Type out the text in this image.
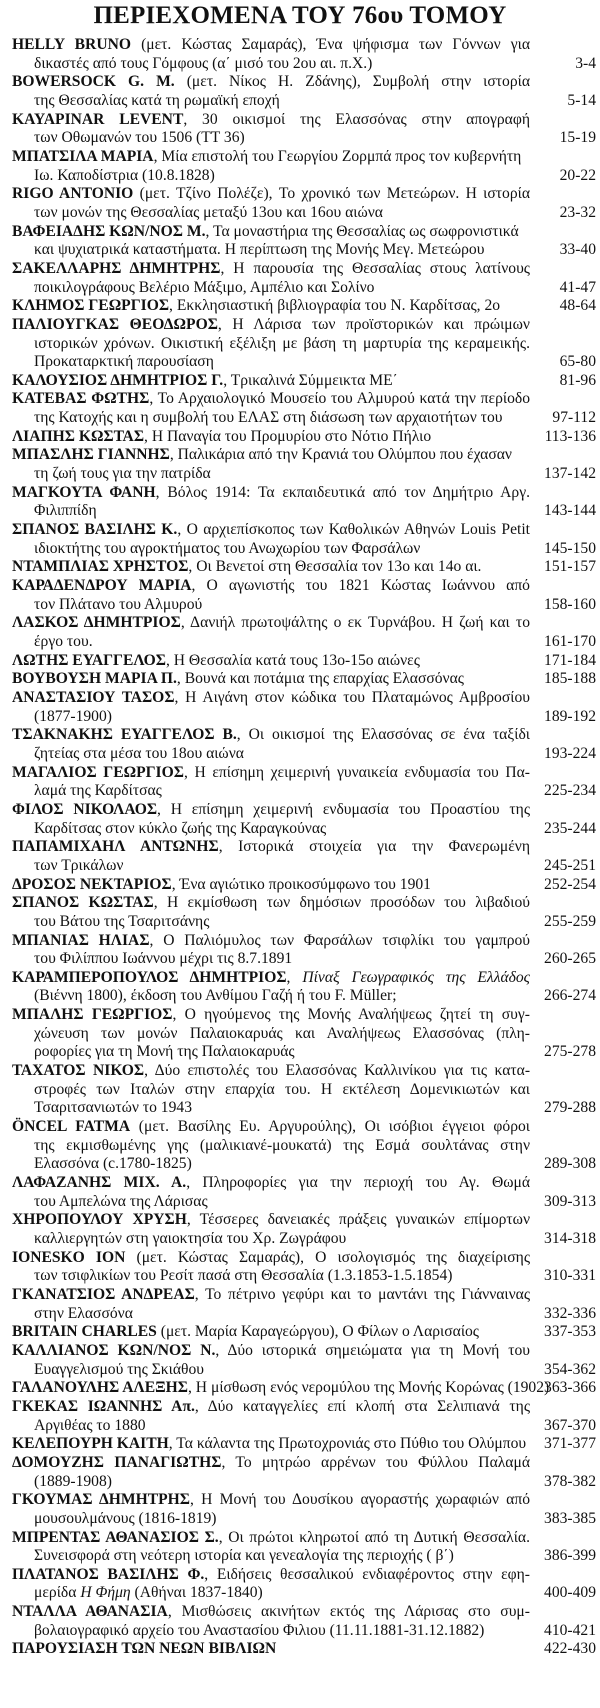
ΠΕΡΙΕΧΟΜΕΝΑ ΤΟΥ 76ου ΤΟΜΟΥ
HELLY BRUNO (μετ. Κώστας Σαμαράς), Ένα ψήφισμα των Γόννων για
δικαστές από τους Γόμφους (α΄ μισό του 2ου αι. π.Χ.)	3-4
BOWERSOCK G. M. (μετ. Νίκος Η. Ζδάνης), Συμβολή στην ιστορία
της Θεσσαλίας κατά τη ρωμαϊκή εποχή	5-14
KAYAPINAR LEVENT, 30 οικισμοί της Ελασσόνας στην απογραφή
των Οθωμανών του 1506 (TT 36)	15-19
ΜΠΑΤΣΙΛΑ ΜΑΡΙΑ, Μία επιστολή του Γεωργίου Ζορμπά προς τον κυβερνήτη
Ιω. Καποδίστρια (10.8.1828)	20-22
RIGO ANTONIO (μετ. Τζίνο Πολέζε), Το χρονικό των Μετεώρων. Η ιστορία
των μονών της Θεσσαλίας μεταξύ 13ου και 16ου αιώνα	23-32
ΒΑΦΕΙΑΔΗΣ ΚΩΝ/ΝΟΣ Μ., Τα μοναστήρια της Θεσσαλίας ως σωφρονιστικά
και ψυχιατρικά καταστήματα. Η περίπτωση της Μονής Μεγ. Μετεώρου	33-40
ΣΑΚΕΛΛΑΡΗΣ ΔΗΜΗΤΡΗΣ, Η παρουσία της Θεσσαλίας στους λατίνους
ποικιλογράφους Βελέριο Μάξιμο, Αμπέλιο και Σολίνο	41-47
ΚΛΗΜΟΣ ΓΕΩΡΓΙΟΣ, Εκκλησιαστική βιβλιογραφία του Ν. Καρδίτσας, 2ο	48-64
ΠΑΛΙΟΥΓΚΑΣ ΘΕΟΔΩΡΟΣ, Η Λάρισα των προϊστορικών και πρώιμων
ιστορικών χρόνων. Οικιστική εξέλιξη με βάση τη μαρτυρία της κεραμεικής.
Προκαταρκτική παρουσίαση	65-80
ΚΑΛΟΥΣΙΟΣ ΔΗΜΗΤΡΙΟΣ Γ., Τρικαλινά Σύμμεικτα ΜΕ΄	81-96
ΚΑΤΕΒΑΣ ΦΩΤΗΣ, Το Αρχαιολογικό Μουσείο του Αλμυρού κατά την περίοδο
της Κατοχής και η συμβολή του ΕΛΑΣ στη διάσωση των αρχαιοτήτων του	97-112
ΛΙΑΠΗΣ ΚΩΣΤΑΣ, Η Παναγία του Προμυρίου στο Νότιο Πήλιο	113-136
ΜΠΑΣΛΗΣ ΓΙΑΝΝΗΣ, Παλικάρια από την Κρανιά του Ολύμπου που έχασαν
τη ζωή τους για την πατρίδα	137-142
ΜΑΓΚΟΥΤΑ ΦΑΝΗ, Βόλος 1914: Τα εκπαιδευτικά από τον Δημήτριο Αργ.
Φιλιππίδη	143-144
ΣΠΑΝΟΣ ΒΑΣΙΛΗΣ Κ., Ο αρχιεπίσκοπος των Καθολικών Αθηνών Louis Petit
ιδιοκτήτης του αγροκτήματος του Ανωχωρίου των Φαρσάλων	145-150
ΝΤΑΜΠΛΙΑΣ ΧΡΗΣΤΟΣ, Οι Βενετοί στη Θεσσαλία τον 13ο και 14ο αι.	151-157
ΚΑΡΑΔΕΝΔΡΟΥ ΜΑΡΙΑ, Ο αγωνιστής του 1821 Κώστας Ιωάννου από
τον Πλάτανο του Αλμυρού	158-160
ΛΑΣΚΟΣ ΔΗΜΗΤΡΙΟΣ, Δανιήλ πρωτοψάλτης ο εκ Τυρνάβου. Η ζωή και το
έργο του.	161-170
ΛΩΤΗΣ ΕΥΑΓΓΕΛΟΣ, Η Θεσσαλία κατά τους 13ο-15ο αιώνες	171-184
ΒΟΥΒΟΥΣΗ ΜΑΡΙΑ Π., Βουνά και ποτάμια της επαρχίας Ελασσόνας	185-188
ΑΝΑΣΤΑΣΙΟΥ ΤΑΣΟΣ, Η Αιγάνη στον κώδικα του Πλαταμώνος Αμβροσίου
(1877-1900)	189-192
ΤΣΑΚΝΑΚΗΣ ΕΥΑΓΓΕΛΟΣ Β., Οι οικισμοί της Ελασσόνας σε ένα ταξίδι
ζητείας στα μέσα του 18ου αιώνα	193-224
ΜΑΓΑΛΙΟΣ ΓΕΩΡΓΙΟΣ, Η επίσημη χειμερινή γυναικεία ενδυμασία του Πα-
λαμά της Καρδίτσας	225-234
ΦΙΛΟΣ ΝΙΚΟΛΑΟΣ, Η επίσημη χειμερινή ενδυμασία του Προαστίου της
Καρδίτσας στον κύκλο ζωής της Καραγκούνας	235-244
ΠΑΠΑΜΙΧΑΗΛ ΑΝΤΩΝΗΣ, Ιστορικά στοιχεία για την Φανερωμένη
των Τρικάλων	245-251
ΔΡΟΣΟΣ ΝΕΚΤΑΡΙΟΣ, Ένα αγιώτικο προικοσύμφωνο του 1901	252-254
ΣΠΑΝΟΣ ΚΩΣΤΑΣ, Η εκμίσθωση των δημόσιων προσόδων του λιβαδιού
του Βάτου της Τσαριτσάνης	255-259
ΜΠΑΝΙΑΣ ΗΛΙΑΣ, Ο Παλιόμυλος των Φαρσάλων τσιφλίκι του γαμπρού
του Φιλίππου Ιωάννου μέχρι τις 8.7.1891	260-265
ΚΑΡΑΜΠΕΡΟΠΟΥΛΟΣ ΔΗΜΗΤΡΙΟΣ, Πίναξ Γεωγραφικός της Ελλάδος
(Βιέννη 1800), έκδοση του Ανθίμου Γαζή ή του F. Müller;	266-274
ΜΠΑΛΗΣ ΓΕΩΡΓΙΟΣ, Ο ηγούμενος της Μονής Αναλήψεως ζητεί τη συγ-
χώνευση των μονών Παλαιοκαρυάς και Αναλήψεως Ελασσόνας (πλη-
ροφορίες για τη Μονή της Παλαιοκαρυάς	275-278
ΤΑΧΑΤΟΣ ΝΙΚΟΣ, Δύο επιστολές του Ελασσόνας Καλλινίκου για τις κατα-
στροφές των Ιταλών στην επαρχία του. Η εκτέλεση Δομενικιωτών και
Τσαριτσανιωτών το 1943	279-288
ÖNCEL FATMA (μετ. Βασίλης Ευ. Αργυρούλης), Οι ισόβιοι έγγειοι φόροι
της εκμισθωμένης γης (μαλικιανέ-μουκατά) της Εσμά σουλτάνας στην
Ελασσόνα (c.1780-1825)	289-308
ΛΑΦΑΖΑΝΗΣ ΜΙΧ. Α., Πληροφορίες για την περιοχή του Αγ. Θωμά
του Αμπελώνα της Λάρισας	309-313
ΧΗΡΟΠΟΥΛΟΥ ΧΡΥΣΗ, Τέσσερες δανειακές πράξεις γυναικών επίμορτων
καλλιεργητών στη γαιοκτησία του Χρ. Ζωγράφου	314-318
IONESKO ION (μετ. Κώστας Σαμαράς), Ο ισολογισμός της διαχείρισης
των τσιφλικίων του Ρεσίτ πασά στη Θεσσαλία (1.3.1853-1.5.1854)	310-331
ΓΚΑΝΑΤΣΙΟΣ ΑΝΔΡΕΑΣ, Το πέτρινο γεφύρι και το μαντάνι της Γιάνναινας
στην Ελασσόνα	332-336
BRITAIN CHARLES (μετ. Μαρία Καραγεώργου), Ο Φίλων ο Λαρισαίος	337-353
ΚΑΛΛΙΑΝΟΣ ΚΩΝ/ΝΟΣ Ν., Δύο ιστορικά σημειώματα για τη Μονή του
Ευαγγελισμού της Σκιάθου	354-362
ΓΑΛΑΝΟΥΛΗΣ ΑΛΕΞΗΣ, Η μίσθωση ενός νερομύλου της Μονής Κορώνας (1902)
363-366
ΓΚΕΚΑΣ ΙΩΑΝΝΗΣ Απ., Δύο καταγγελίες επί κλοπή στα Σελιπιανά της
Αργιθέας το 1880	367-370
ΚΕΛΕΠΟΥΡΗ ΚΑΙΤΗ, Τα κάλαντα της Πρωτοχρονιάς στο Πύθιο του Ολύμπου	371-377
ΔΟΜΟΥΖΗΣ ΠΑΝΑΓΙΩΤΗΣ, Το μητρώο αρρένων του Φύλλου Παλαμά
(1889-1908)	378-382
ΓΚΟΥΜΑΣ ΔΗΜΗΤΡΗΣ, Η Μονή του Δουσίκου αγοραστής χωραφιών από
μουσουλμάνους (1816-1819)	383-385
ΜΠΡΕΝΤΑΣ ΑΘΑΝΑΣΙΟΣ Σ., Οι πρώτοι κληρωτοί από τη Δυτική Θεσσαλία.
Συνεισφορά στη νεότερη ιστορία και γενεαλογία της περιοχής ( β΄)	386-399
ΠΛΑΤΑΝΟΣ ΒΑΣΙΛΗΣ Φ., Ειδήσεις θεσσαλικού ενδιαφέροντος στην εφη-
μερίδα Η Φήμη (Αθήναι 1837-1840)	400-409
ΝΤΑΛΛΑ ΑΘΑΝΑΣΙΑ, Μισθώσεις ακινήτων εκτός της Λάρισας στο συμ-
βολαιογραφικό αρχείο του Αναστασίου Φιλιου (11.11.1881-31.12.1882)	410-421
ΠΑΡΟΥΣΙΑΣΗ ΤΩΝ ΝΕΩΝ ΒΙΒΛΙΩΝ	422-430
